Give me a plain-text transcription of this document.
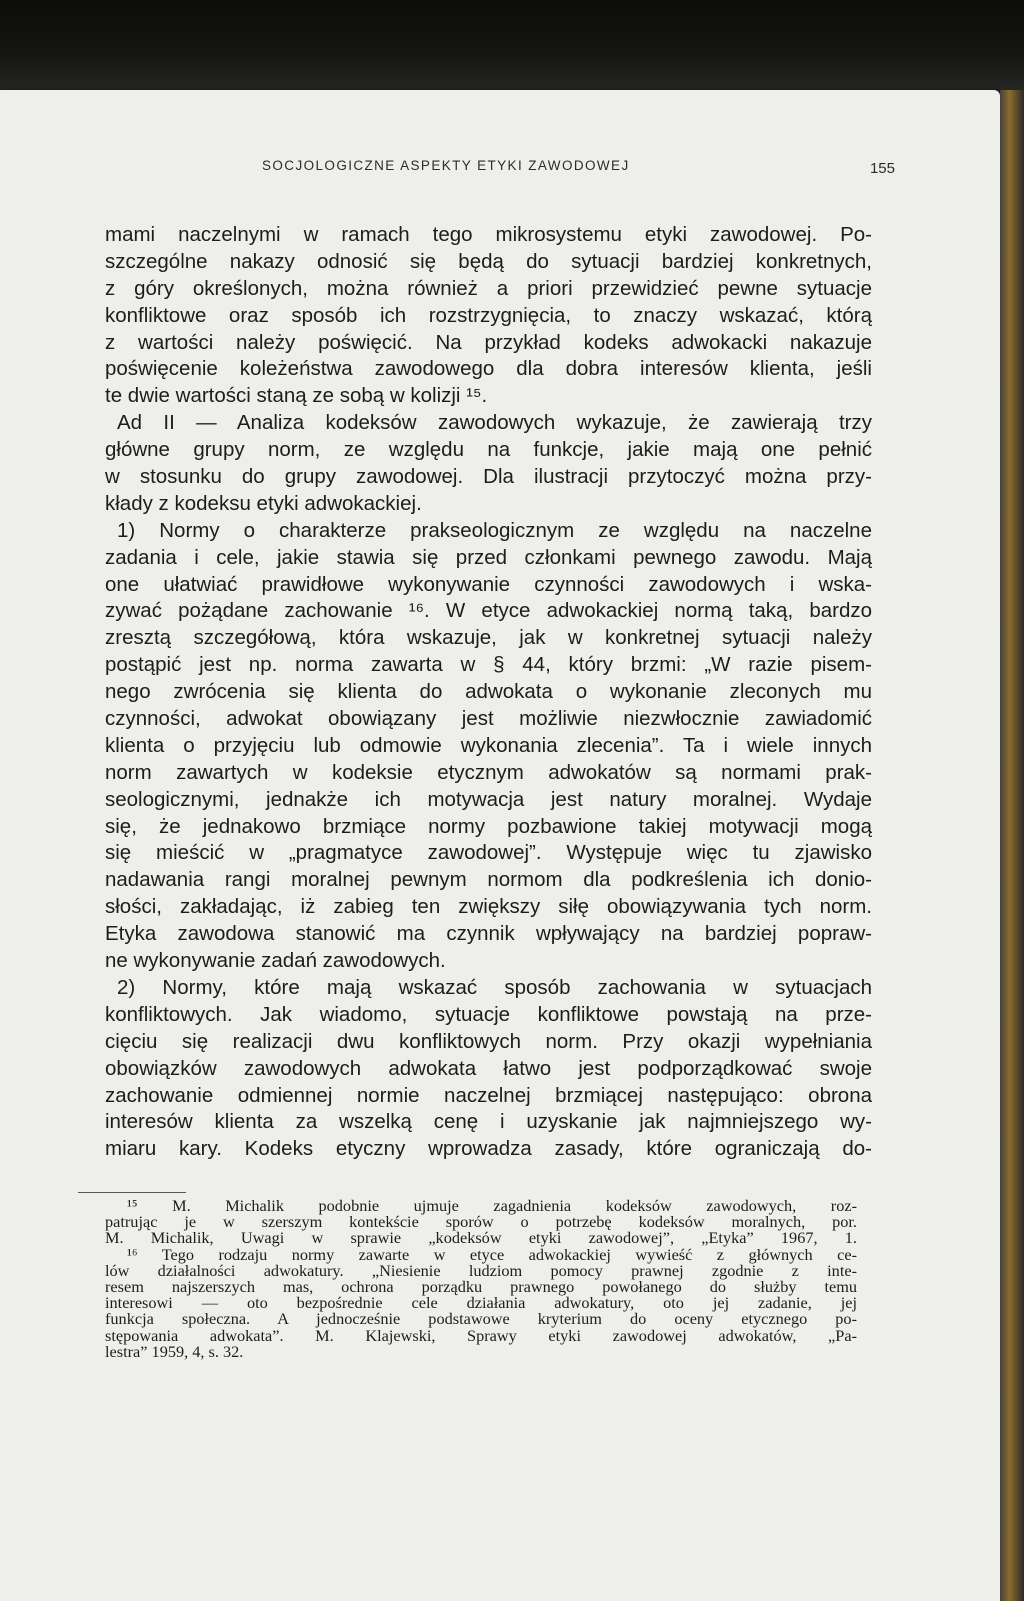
SOCJOLOGICZNE ASPEKTY ETYKI ZAWODOWEJ	155
mami naczelnymi w ramach tego mikrosystemu etyki zawodowej. Po-
szczególne nakazy odnosić się będą do sytuacji bardziej konkretnych,
z góry określonych, można również a priori przewidzieć pewne sytuacje
konfliktowe oraz sposób ich rozstrzygnięcia, to znaczy wskazać, którą
z wartości należy poświęcić. Na przykład kodeks adwokacki nakazuje
poświęcenie koleżeństwa zawodowego dla dobra interesów klienta, jeśli
te dwie wartości staną ze sobą w kolizji ¹⁵.
Ad II — Analiza kodeksów zawodowych wykazuje, że zawierają trzy
główne grupy norm, ze względu na funkcje, jakie mają one pełnić
w stosunku do grupy zawodowej. Dla ilustracji przytoczyć można przy-
kłady z kodeksu etyki adwokackiej.
1) Normy o charakterze prakseologicznym ze względu na naczelne
zadania i cele, jakie stawia się przed członkami pewnego zawodu. Mają
one ułatwiać prawidłowe wykonywanie czynności zawodowych i wska-
zywać pożądane zachowanie ¹⁶. W etyce adwokackiej normą taką, bardzo
zresztą szczegółową, która wskazuje, jak w konkretnej sytuacji należy
postąpić jest np. norma zawarta w § 44, który brzmi: „W razie pisem-
nego zwrócenia się klienta do adwokata o wykonanie zleconych mu
czynności, adwokat obowiązany jest możliwie niezwłocznie zawiadomić
klienta o przyjęciu lub odmowie wykonania zlecenia”. Ta i wiele innych
norm zawartych w kodeksie etycznym adwokatów są normami prak-
seologicznymi, jednakże ich motywacja jest natury moralnej. Wydaje
się, że jednakowo brzmiące normy pozbawione takiej motywacji mogą
się mieścić w „pragmatyce zawodowej”. Występuje więc tu zjawisko
nadawania rangi moralnej pewnym normom dla podkreślenia ich donio-
słości, zakładając, iż zabieg ten zwiększy siłę obowiązywania tych norm.
Etyka zawodowa stanowić ma czynnik wpływający na bardziej popraw-
ne wykonywanie zadań zawodowych.
2) Normy, które mają wskazać sposób zachowania w sytuacjach
konfliktowych. Jak wiadomo, sytuacje konfliktowe powstają na prze-
cięciu się realizacji dwu konfliktowych norm. Przy okazji wypełniania
obowiązków zawodowych adwokata łatwo jest podporządkować swoje
zachowanie odmiennej normie naczelnej brzmiącej następująco: obrona
interesów klienta za wszelką cenę i uzyskanie jak najmniejszego wy-
miaru kary. Kodeks etyczny wprowadza zasady, które ograniczają do-
¹⁵ M. Michalik podobnie ujmuje zagadnienia kodeksów zawodowych, roz-
patrując je w szerszym kontekście sporów o potrzebę kodeksów moralnych, por.
M. Michalik, Uwagi w sprawie „kodeksów etyki zawodowej”, „Etyka” 1967, 1.
¹⁶ Tego rodzaju normy zawarte w etyce adwokackiej wywieść z głównych ce-
lów działalności adwokatury. „Niesienie ludziom pomocy prawnej zgodnie z inte-
resem najszerszych mas, ochrona porządku prawnego powołanego do służby temu
interesowi — oto bezpośrednie cele działania adwokatury, oto jej zadanie, jej
funkcja społeczna. A jednocześnie podstawowe kryterium do oceny etycznego po-
stępowania adwokata”. M. Klajewski, Sprawy etyki zawodowej adwokatów, „Pa-
lestra” 1959, 4, s. 32.
